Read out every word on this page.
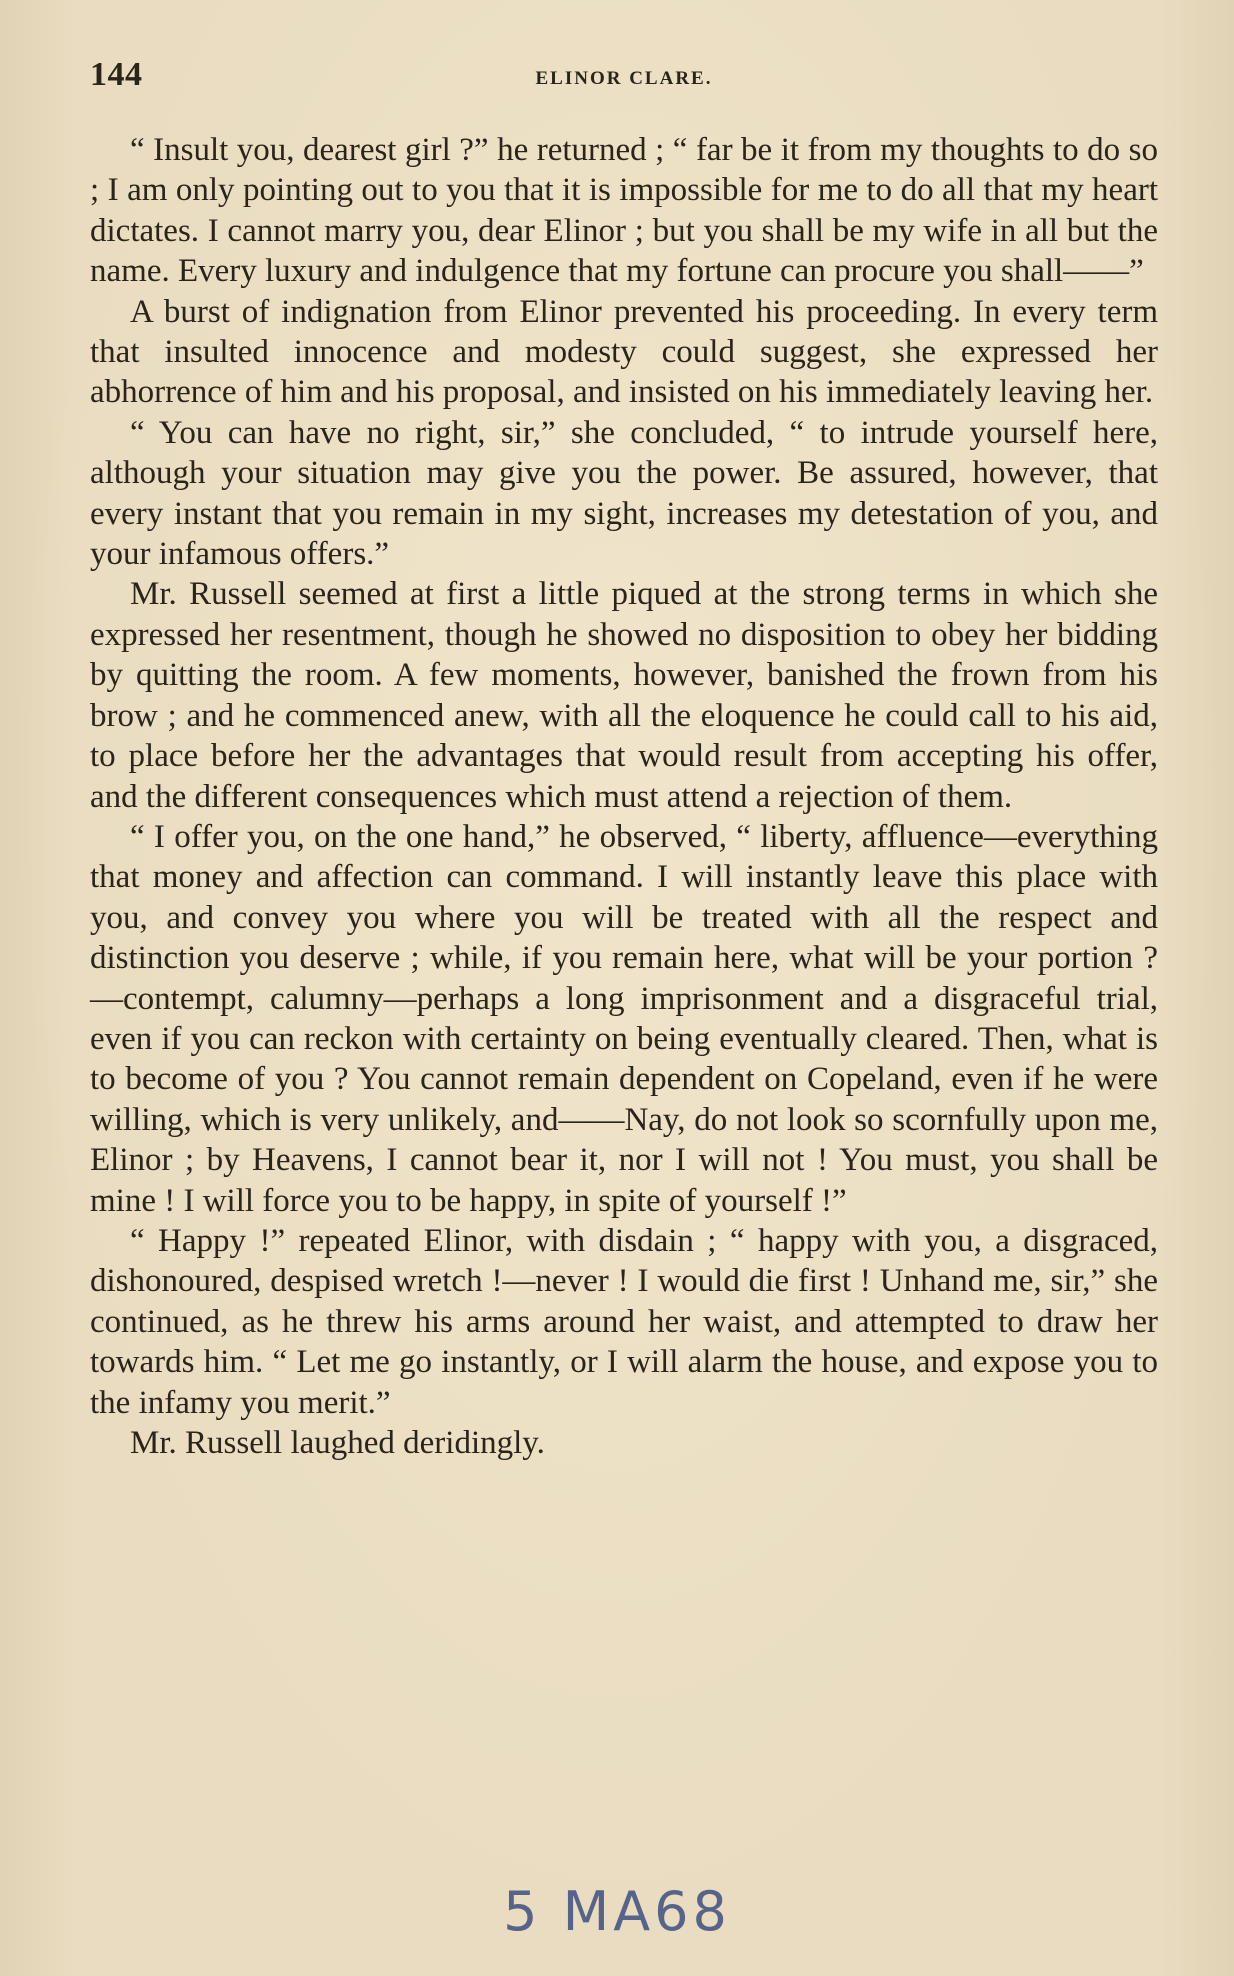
144	ELINOR CLARE.

“ Insult you, dearest girl ?” he returned ; “ far be it from my thoughts to do so ; I am only pointing out to you that it is impossible for me to do all that my heart dictates. I cannot marry you, dear Elinor ; but you shall be my wife in all but the name. Every luxury and indulgence that my fortune can procure you shall——”

A burst of indignation from Elinor prevented his proceeding. In every term that insulted innocence and modesty could suggest, she expressed her abhorrence of him and his proposal, and insisted on his immediately leaving her.

“ You can have no right, sir,” she concluded, “ to intrude yourself here, although your situation may give you the power. Be assured, however, that every instant that you remain in my sight, increases my detestation of you, and your infamous offers.”

Mr. Russell seemed at first a little piqued at the strong terms in which she expressed her resentment, though he showed no disposition to obey her bidding by quitting the room. A few moments, however, banished the frown from his brow ; and he commenced anew, with all the eloquence he could call to his aid, to place before her the advantages that would result from accepting his offer, and the different consequences which must attend a rejection of them.

“ I offer you, on the one hand,” he observed, “ liberty, affluence—everything that money and affection can command. I will instantly leave this place with you, and convey you where you will be treated with all the respect and distinction you deserve ; while, if you remain here, what will be your portion ? —contempt, calumny—perhaps a long imprisonment and a disgraceful trial, even if you can reckon with certainty on being eventually cleared. Then, what is to become of you ? You cannot remain dependent on Copeland, even if he were willing, which is very unlikely, and——Nay, do not look so scornfully upon me, Elinor ; by Heavens, I cannot bear it, nor I will not ! You must, you shall be mine ! I will force you to be happy, in spite of yourself !”

“ Happy !” repeated Elinor, with disdain ; “ happy with you, a disgraced, dishonoured, despised wretch !—never ! I would die first ! Unhand me, sir,” she continued, as he threw his arms around her waist, and attempted to draw her towards him. “ Let me go instantly, or I will alarm the house, and expose you to the infamy you merit.”

Mr. Russell laughed deridingly.

5 MA68
